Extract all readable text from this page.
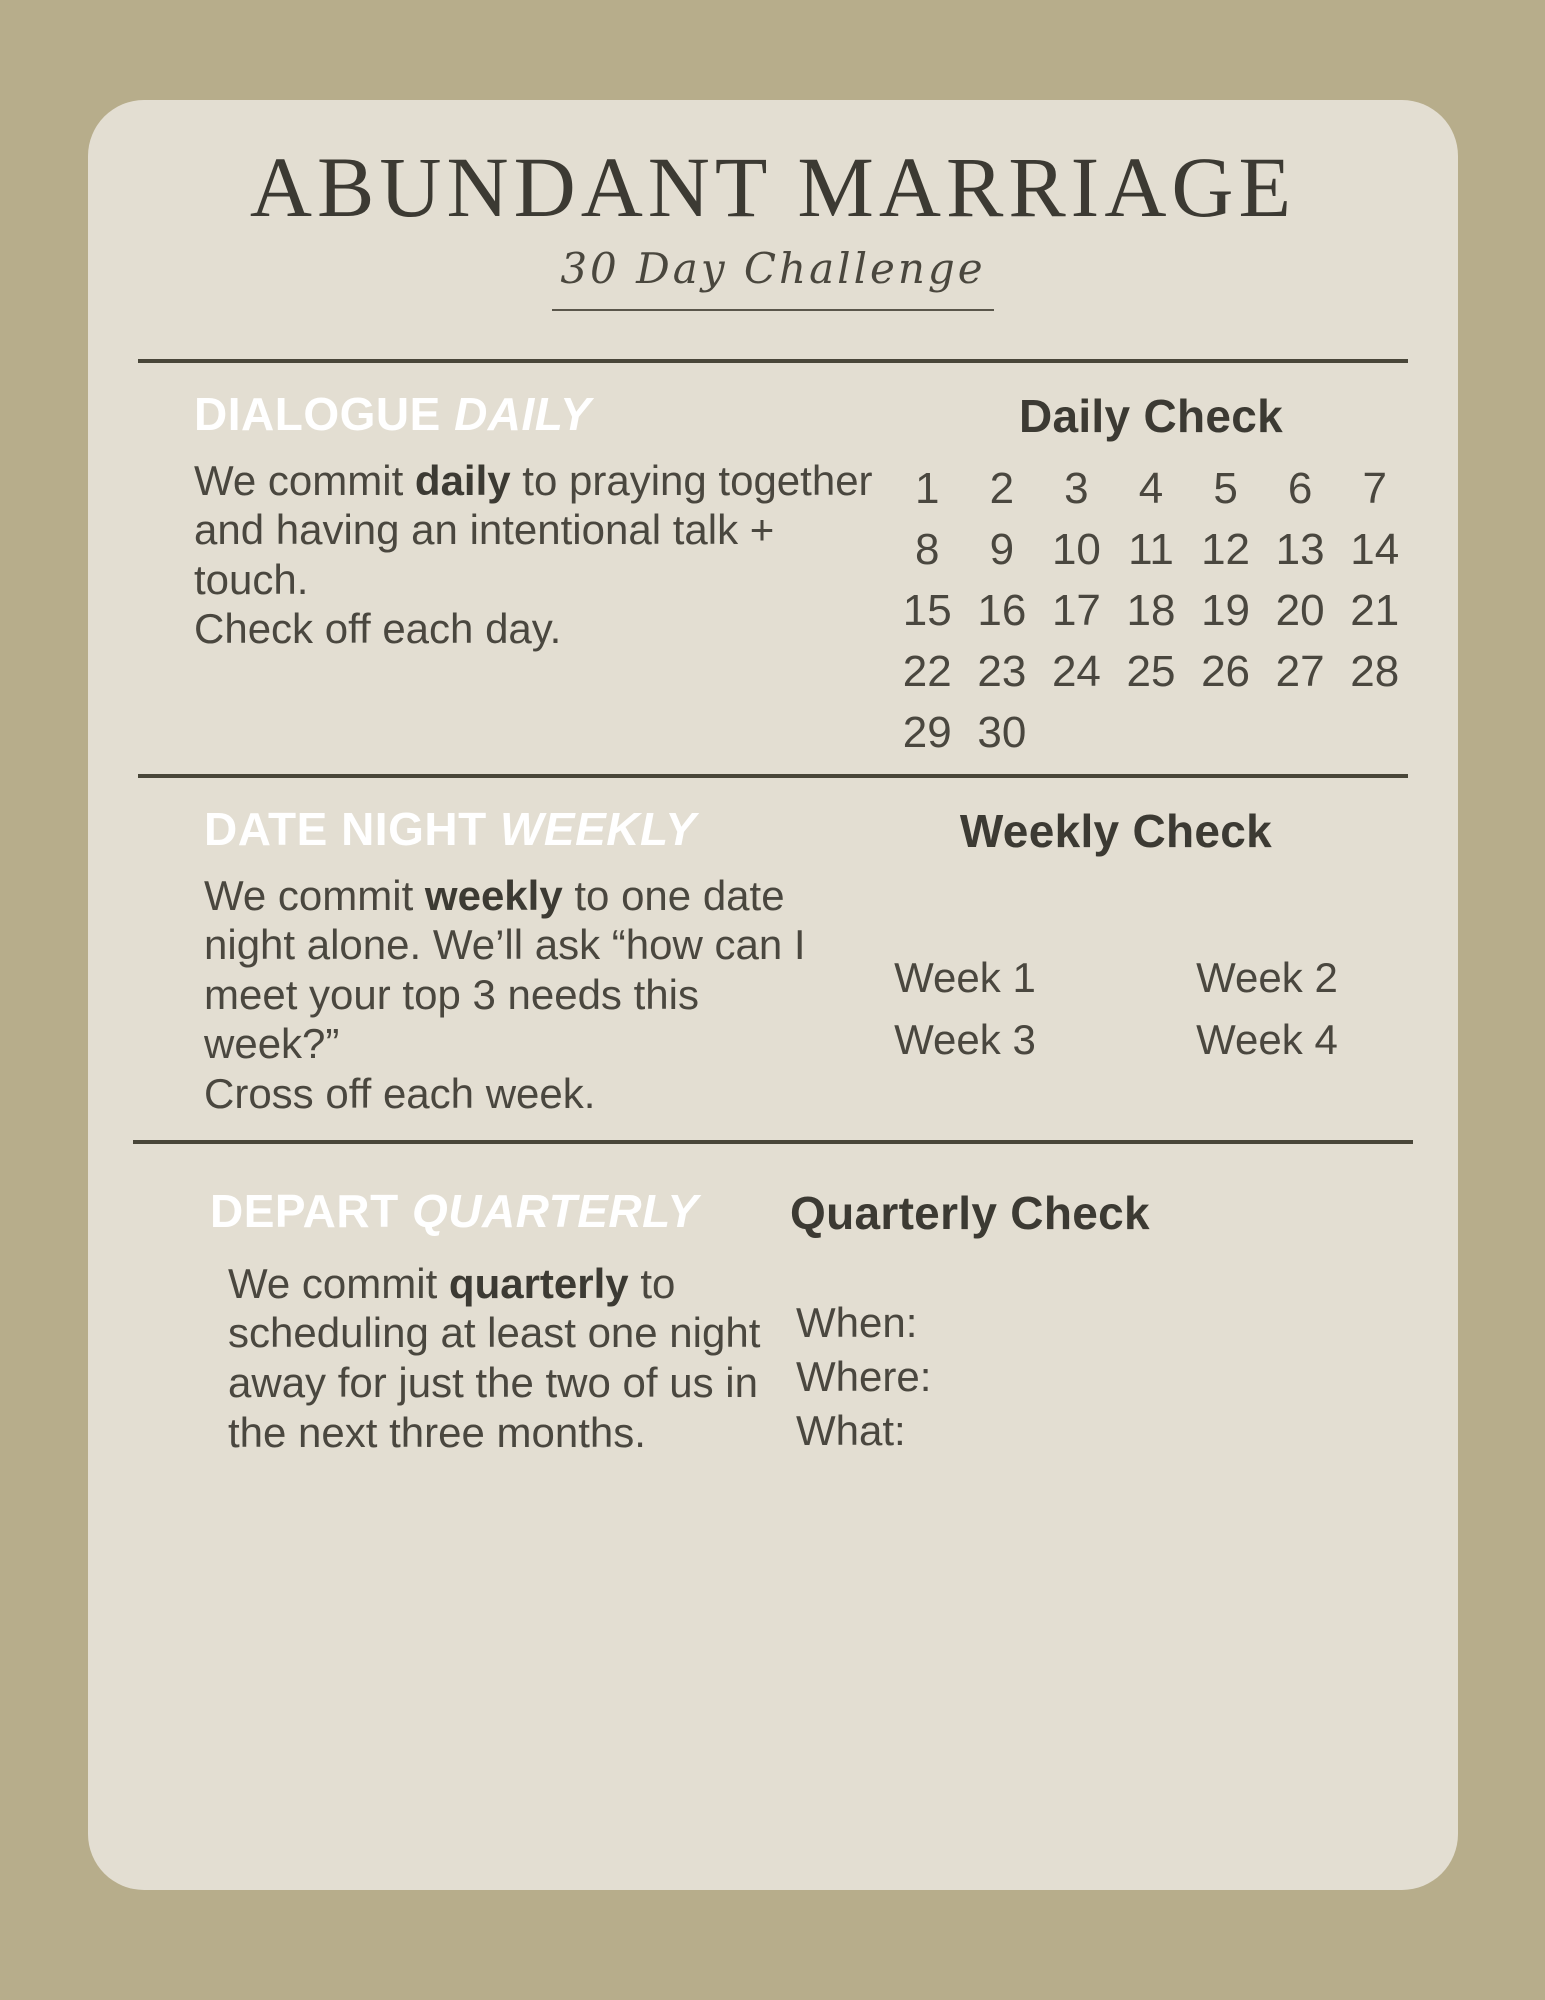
ABUNDANT MARRIAGE
30 Day Challenge
DIALOGUE DAILY
We commit daily to praying together and having an intentional talk + touch.
Check off each day.
Daily Check
1	2	3	4	5	6	7
8	9 10 11 12 13 14
15 16 17 18 19 20 21
22 23 24 25 26 27 28
29 30
DATE NIGHT WEEKLY
We commit weekly to one date night alone. We’ll ask “how can I meet your top 3 needs this week?”
Cross off each week.
Weekly Check
Week 1	Week 2
Week 3	Week 4
DEPART QUARTERLY
We commit quarterly to scheduling at least one night away for just the two of us in the next three months.
Quarterly Check
When:
Where:
What:
